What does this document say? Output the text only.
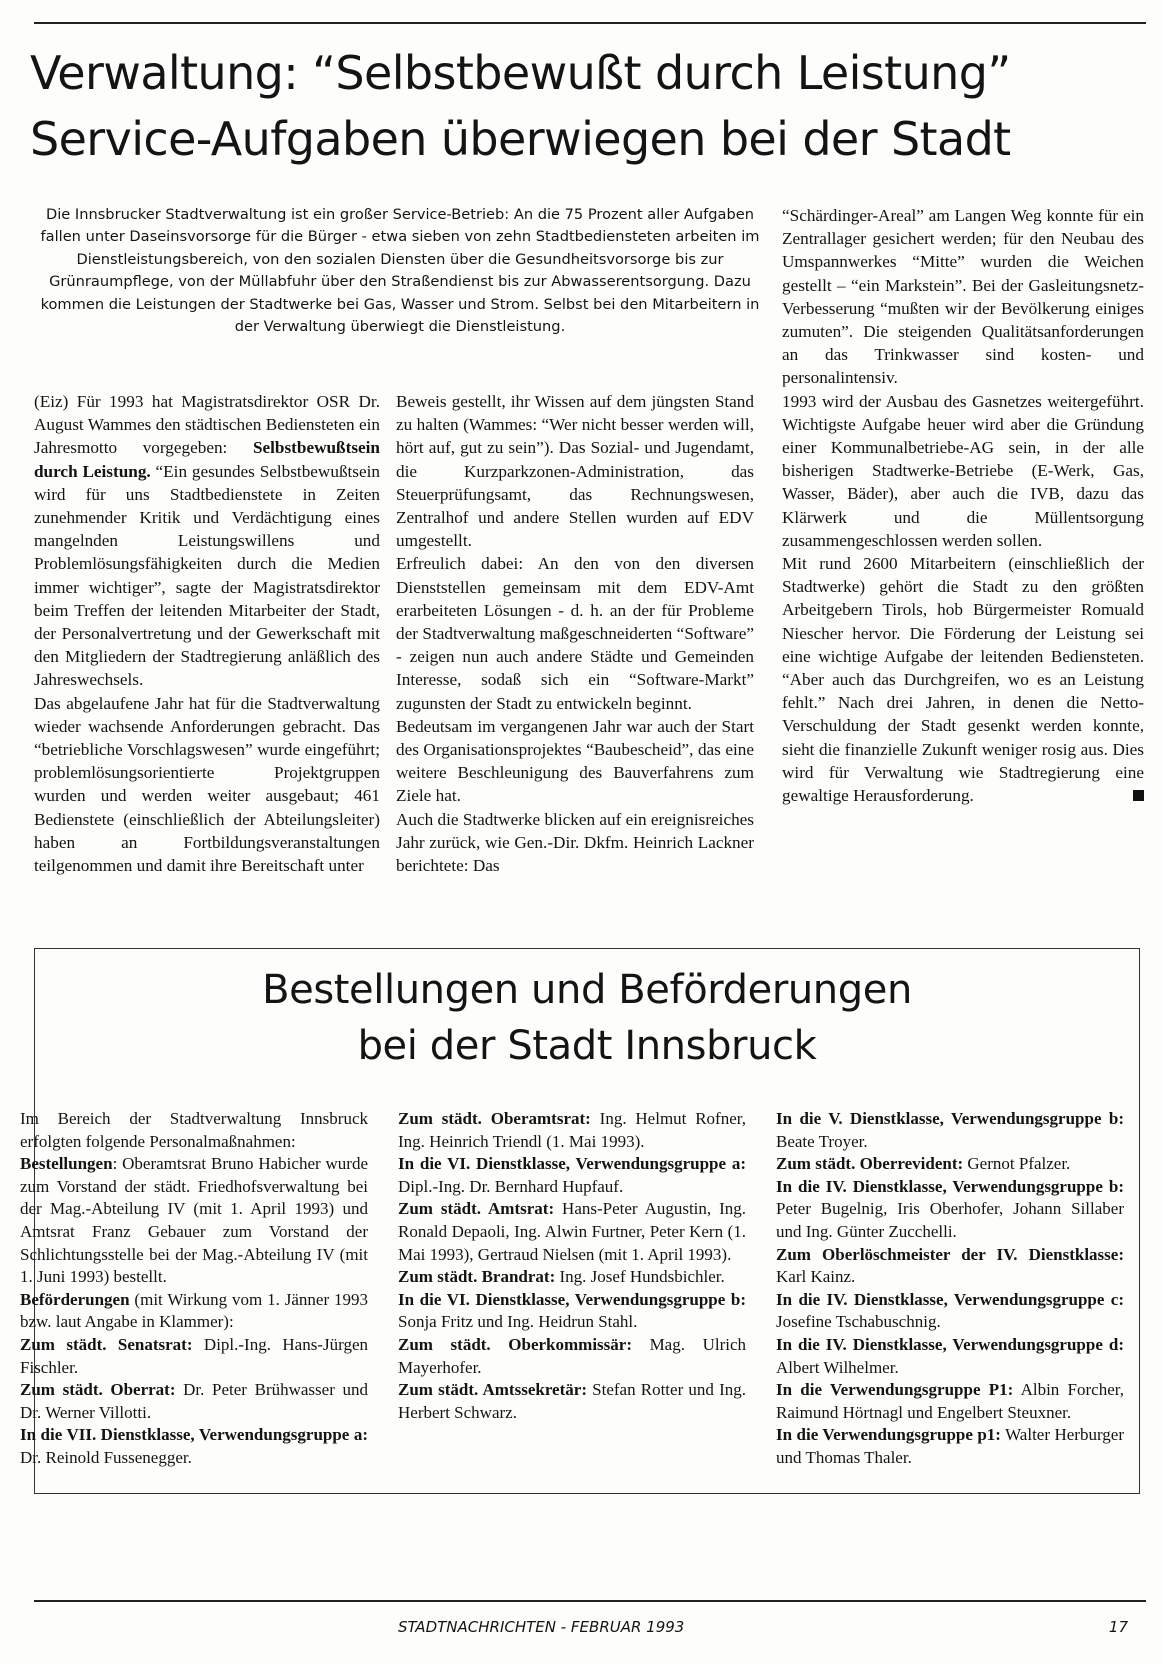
Verwaltung: “Selbstbewußt durch Leistung”
Service-Aufgaben überwiegen bei der Stadt
Die Innsbrucker Stadtverwaltung ist ein großer Service-Betrieb: An die 75 Prozent aller Aufgaben fallen unter Daseinsvorsorge für die Bürger - etwa sieben von zehn Stadtbediensteten arbeiten im Dienstleistungsbereich, von den sozialen Diensten über die Gesundheitsvorsorge bis zur Grünraumpflege, von der Müllabfuhr über den Straßendienst bis zur Abwasserentsorgung. Dazu kommen die Leistungen der Stadtwerke bei Gas, Wasser und Strom. Selbst bei den Mitarbeitern in der Verwaltung überwiegt die Dienstleistung.

(Eiz) Für 1993 hat Magistratsdirektor OSR Dr. August Wammes den städtischen Bediensteten ein Jahresmotto vorgegeben: Selbstbewußtsein durch Leistung. “Ein gesundes Selbstbewußtsein wird für uns Stadtbedienstete in Zeiten zunehmender Kritik und Verdächtigung eines mangelnden Leistungswillens und Problemlösungsfähigkeiten durch die Medien immer wichtiger”, sagte der Magistratsdirektor beim Treffen der leitenden Mitarbeiter der Stadt, der Personalvertretung und der Gewerkschaft mit den Mitgliedern der Stadtregierung anläßlich des Jahreswechsels.

Das abgelaufene Jahr hat für die Stadtverwaltung wieder wachsende Anforderungen gebracht. Das “betriebliche Vorschlagswesen” wurde eingeführt; problemlösungsorientierte Projektgruppen wurden und werden weiter ausgebaut; 461 Bedienstete (einschließlich der Abteilungsleiter) haben an Fortbildungsveranstaltungen teilgenommen und damit ihre Bereitschaft unter

Beweis gestellt, ihr Wissen auf dem jüngsten Stand zu halten (Wammes: “Wer nicht besser werden will, hört auf, gut zu sein”). Das Sozial- und Jugendamt, die Kurzparkzonen-Administration, das Steuerprüfungsamt, das Rechnungswesen, Zentralhof und andere Stellen wurden auf EDV umgestellt.

Erfreulich dabei: An den von den diversen Dienststellen gemeinsam mit dem EDV-Amt erarbeiteten Lösungen - d. h. an der für Probleme der Stadtverwaltung maßgeschneiderten “Software” - zeigen nun auch andere Städte und Gemeinden Interesse, sodaß sich ein “Software-Markt” zugunsten der Stadt zu entwickeln beginnt.

Bedeutsam im vergangenen Jahr war auch der Start des Organisationsprojektes “Baubescheid”, das eine weitere Beschleunigung des Bauverfahrens zum Ziele hat.

Auch die Stadtwerke blicken auf ein ereignisreiches Jahr zurück, wie Gen.-Dir. Dkfm. Heinrich Lackner berichtete: Das

“Schärdinger-Areal” am Langen Weg konnte für ein Zentrallager gesichert werden; für den Neubau des Umspannwerkes “Mitte” wurden die Weichen gestellt – “ein Markstein”. Bei der Gasleitungsnetz-Verbesserung “mußten wir der Bevölkerung einiges zumuten”. Die steigenden Qualitätsanforderungen an das Trinkwasser sind kosten- und personalintensiv.

1993 wird der Ausbau des Gasnetzes weitergeführt. Wichtigste Aufgabe heuer wird aber die Gründung einer Kommunalbetriebe-AG sein, in der alle bisherigen Stadtwerke-Betriebe (E-Werk, Gas, Wasser, Bäder), aber auch die IVB, dazu das Klärwerk und die Müllentsorgung zusammengeschlossen werden sollen.

Mit rund 2600 Mitarbeitern (einschließlich der Stadtwerke) gehört die Stadt zu den größten Arbeitgebern Tirols, hob Bürgermeister Romuald Niescher hervor. Die Förderung der Leistung sei eine wichtige Aufgabe der leitenden Bediensteten. “Aber auch das Durchgreifen, wo es an Leistung fehlt.” Nach drei Jahren, in denen die Netto-Verschuldung der Stadt gesenkt werden konnte, sieht die finanzielle Zukunft weniger rosig aus. Dies wird für Verwaltung wie Stadtregierung eine gewaltige Herausforderung.

Bestellungen und Beförderungen
bei der Stadt Innsbruck

Im Bereich der Stadtverwaltung Innsbruck erfolgten folgende Personalmaßnahmen:

Bestellungen: Oberamtsrat Bruno Habicher wurde zum Vorstand der städt. Friedhofsverwaltung bei der Mag.-Abteilung IV (mit 1. April 1993) und Amtsrat Franz Gebauer zum Vorstand der Schlichtungsstelle bei der Mag.-Abteilung IV (mit 1. Juni 1993) bestellt.

Beförderungen (mit Wirkung vom 1. Jänner 1993 bzw. laut Angabe in Klammer):

Zum städt. Senatsrat: Dipl.-Ing. Hans-Jürgen Fischler.

Zum städt. Oberrat: Dr. Peter Brühwasser und Dr. Werner Villotti.

In die VII. Dienstklasse, Verwendungsgruppe a: Dr. Reinold Fussenegger.

Zum städt. Oberamtsrat: Ing. Helmut Rofner, Ing. Heinrich Triendl (1. Mai 1993).

In die VI. Dienstklasse, Verwendungsgruppe a: Dipl.-Ing. Dr. Bernhard Hupfauf.

Zum städt. Amtsrat: Hans-Peter Augustin, Ing. Ronald Depaoli, Ing. Alwin Furtner, Peter Kern (1. Mai 1993), Gertraud Nielsen (mit 1. April 1993).

Zum städt. Brandrat: Ing. Josef Hundsbichler.

In die VI. Dienstklasse, Verwendungsgruppe b: Sonja Fritz und Ing. Heidrun Stahl.

Zum städt. Oberkommissär: Mag. Ulrich Mayerhofer.

Zum städt. Amtssekretär: Stefan Rotter und Ing. Herbert Schwarz.

In die V. Dienstklasse, Verwendungsgruppe b: Beate Troyer.

Zum städt. Oberrevident: Gernot Pfalzer.

In die IV. Dienstklasse, Verwendungsgruppe b: Peter Bugelnig, Iris Oberhofer, Johann Sillaber und Ing. Günter Zucchelli.

Zum Oberlöschmeister der IV. Dienstklasse: Karl Kainz.

In die IV. Dienstklasse, Verwendungsgruppe c: Josefine Tschabuschnig.

In die IV. Dienstklasse, Verwendungsgruppe d: Albert Wilhelmer.

In die Verwendungsgruppe P1: Albin Forcher, Raimund Hörtnagl und Engelbert Steuxner.

In die Verwendungsgruppe p1: Walter Herburger und Thomas Thaler.

STADTNACHRICHTEN - FEBRUAR 1993	17
